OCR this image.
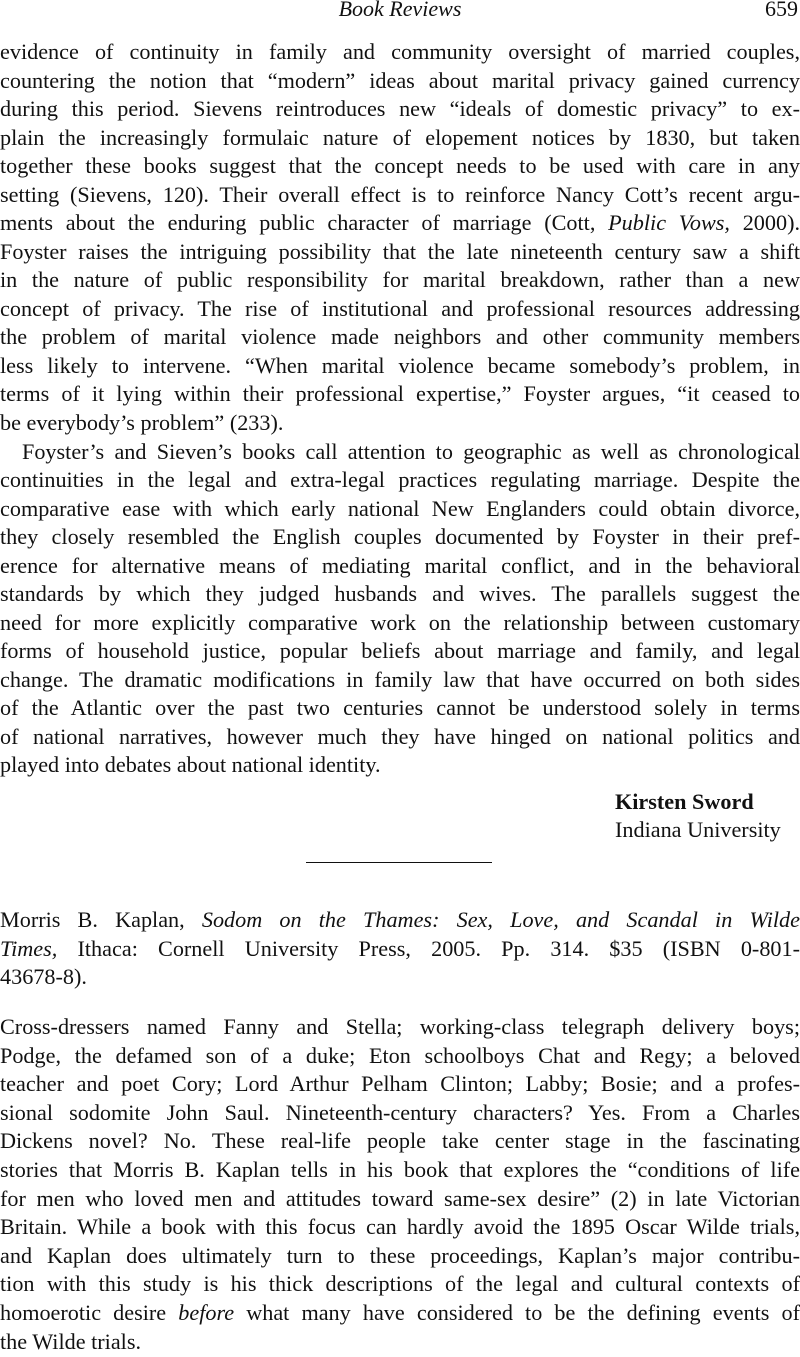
Book Reviews	659
evidence of continuity in family and community oversight of married couples,
countering the notion that “modern” ideas about marital privacy gained currency
during this period. Sievens reintroduces new “ideals of domestic privacy” to ex-
plain the increasingly formulaic nature of elopement notices by 1830, but taken
together these books suggest that the concept needs to be used with care in any
setting (Sievens, 120). Their overall effect is to reinforce Nancy Cott’s recent argu-
ments about the enduring public character of marriage (Cott, Public Vows, 2000).
Foyster raises the intriguing possibility that the late nineteenth century saw a shift
in the nature of public responsibility for marital breakdown, rather than a new
concept of privacy. The rise of institutional and professional resources addressing
the problem of marital violence made neighbors and other community members
less likely to intervene. “When marital violence became somebody’s problem, in
terms of it lying within their professional expertise,” Foyster argues, “it ceased to
be everybody’s problem” (233).
Foyster’s and Sieven’s books call attention to geographic as well as chronological
continuities in the legal and extra-legal practices regulating marriage. Despite the
comparative ease with which early national New Englanders could obtain divorce,
they closely resembled the English couples documented by Foyster in their pref-
erence for alternative means of mediating marital conflict, and in the behavioral
standards by which they judged husbands and wives. The parallels suggest the
need for more explicitly comparative work on the relationship between customary
forms of household justice, popular beliefs about marriage and family, and legal
change. The dramatic modifications in family law that have occurred on both sides
of the Atlantic over the past two centuries cannot be understood solely in terms
of national narratives, however much they have hinged on national politics and
played into debates about national identity.
Morris B. Kaplan, Sodom on the Thames: Sex, Love, and Scandal in Wilde
Times, Ithaca: Cornell University Press, 2005. Pp. 314. $35 (ISBN 0-801-
43678-8).
Cross-dressers named Fanny and Stella; working-class telegraph delivery boys;
Podge, the defamed son of a duke; Eton schoolboys Chat and Regy; a beloved
teacher and poet Cory; Lord Arthur Pelham Clinton; Labby; Bosie; and a profes-
sional sodomite John Saul. Nineteenth-century characters? Yes. From a Charles
Dickens novel? No. These real-life people take center stage in the fascinating
stories that Morris B. Kaplan tells in his book that explores the “conditions of life
for men who loved men and attitudes toward same-sex desire” (2) in late Victorian
Britain. While a book with this focus can hardly avoid the 1895 Oscar Wilde trials,
and Kaplan does ultimately turn to these proceedings, Kaplan’s major contribu-
tion with this study is his thick descriptions of the legal and cultural contexts of
homoerotic desire before what many have considered to be the defining events of
the Wilde trials.
Kirsten Sword
Indiana University
